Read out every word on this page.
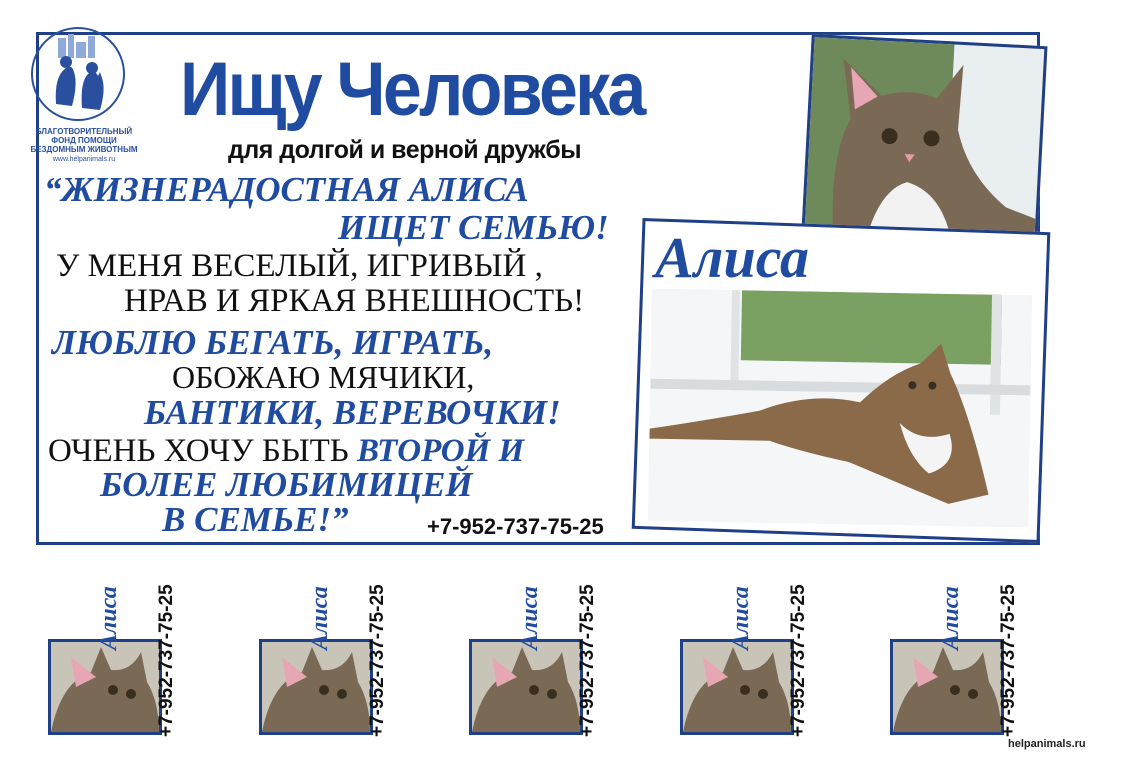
БЛАГОТВОРИТЕЛЬНЫЙ
ФОНД ПОМОЩИ
БЕЗДОМНЫМ ЖИВОТНЫМ
www.helpanimals.ru
Ищу Человека
для долгой и верной дружбы
“ЖИЗНЕРАДОСТНАЯ АЛИСА
ИЩЕТ СЕМЬЮ!
У МЕНЯ ВЕСЕЛЫЙ, ИГРИВЫЙ ,
НРАВ И ЯРКАЯ ВНЕШНОСТЬ!
ЛЮБЛЮ БЕГАТЬ, ИГРАТЬ,
ОБОЖАЮ МЯЧИКИ,
БАНТИКИ, ВЕРЕВОЧКИ!
ОЧЕНЬ ХОЧУ БЫТЬ ВТОРОЙ И
БОЛЕЕ ЛЮБИМИЦЕЙ
В СЕМЬЕ!”	+7-952-737-75-25
Алиса
Алиса	+7-952-737-75-25	Алиса	+7-952-737-75-25	Алиса	+7-952-737-75-25	Алиса	+7-952-737-75-25	Алиса	+7-952-737-75-25
helpanimals.ru
